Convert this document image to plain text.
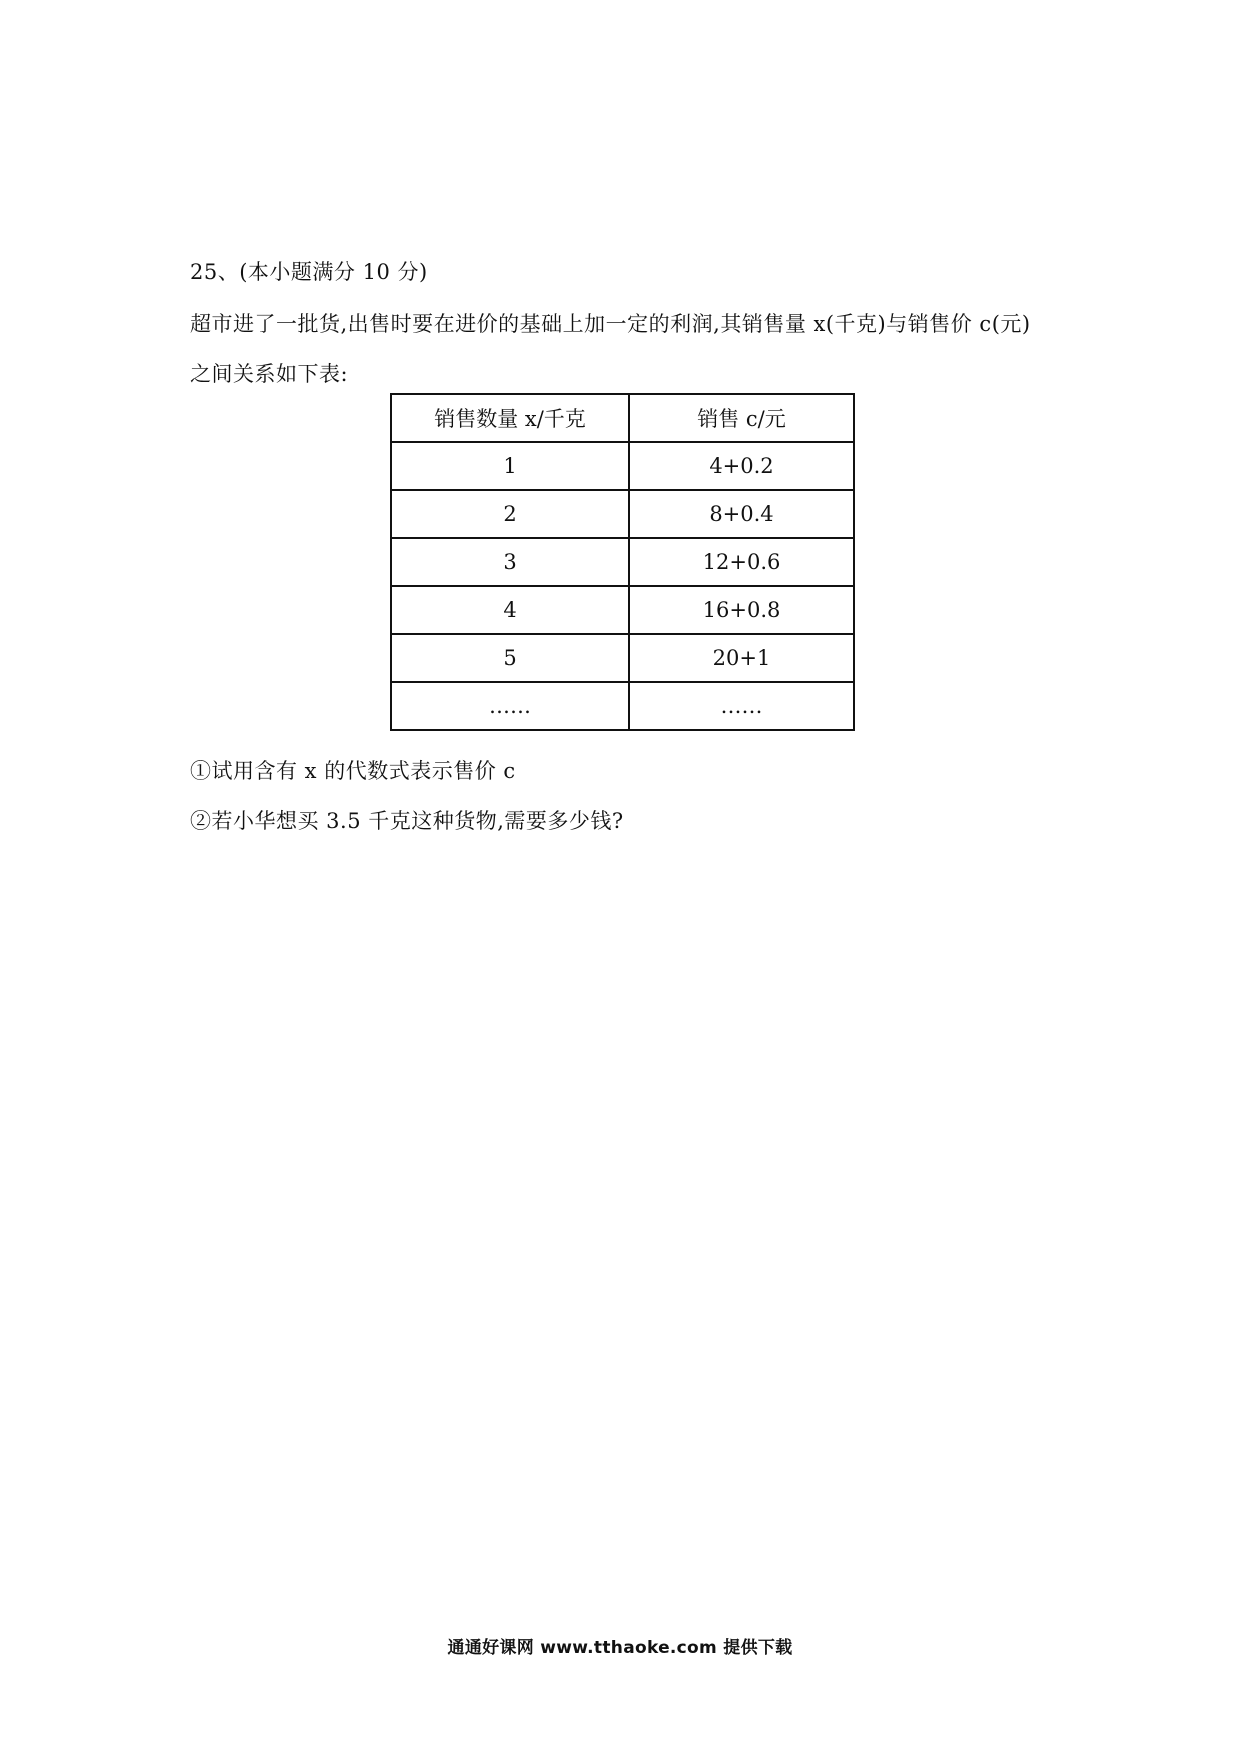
25、(本小题满分 10 分)
超市进了一批货,出售时要在进价的基础上加一定的利润,其销售量 x(千克)与销售价 c(元)
之间关系如下表:
销售数量 x/千克	销售 c/元
1	4+0.2
2	8+0.4
3	12+0.6
4	16+0.8
5	20+1
……	……
①试用含有 x 的代数式表示售价 c
②若小华想买 3.5 千克这种货物,需要多少钱?
通通好课网 www.tthaoke.com 提供下载
